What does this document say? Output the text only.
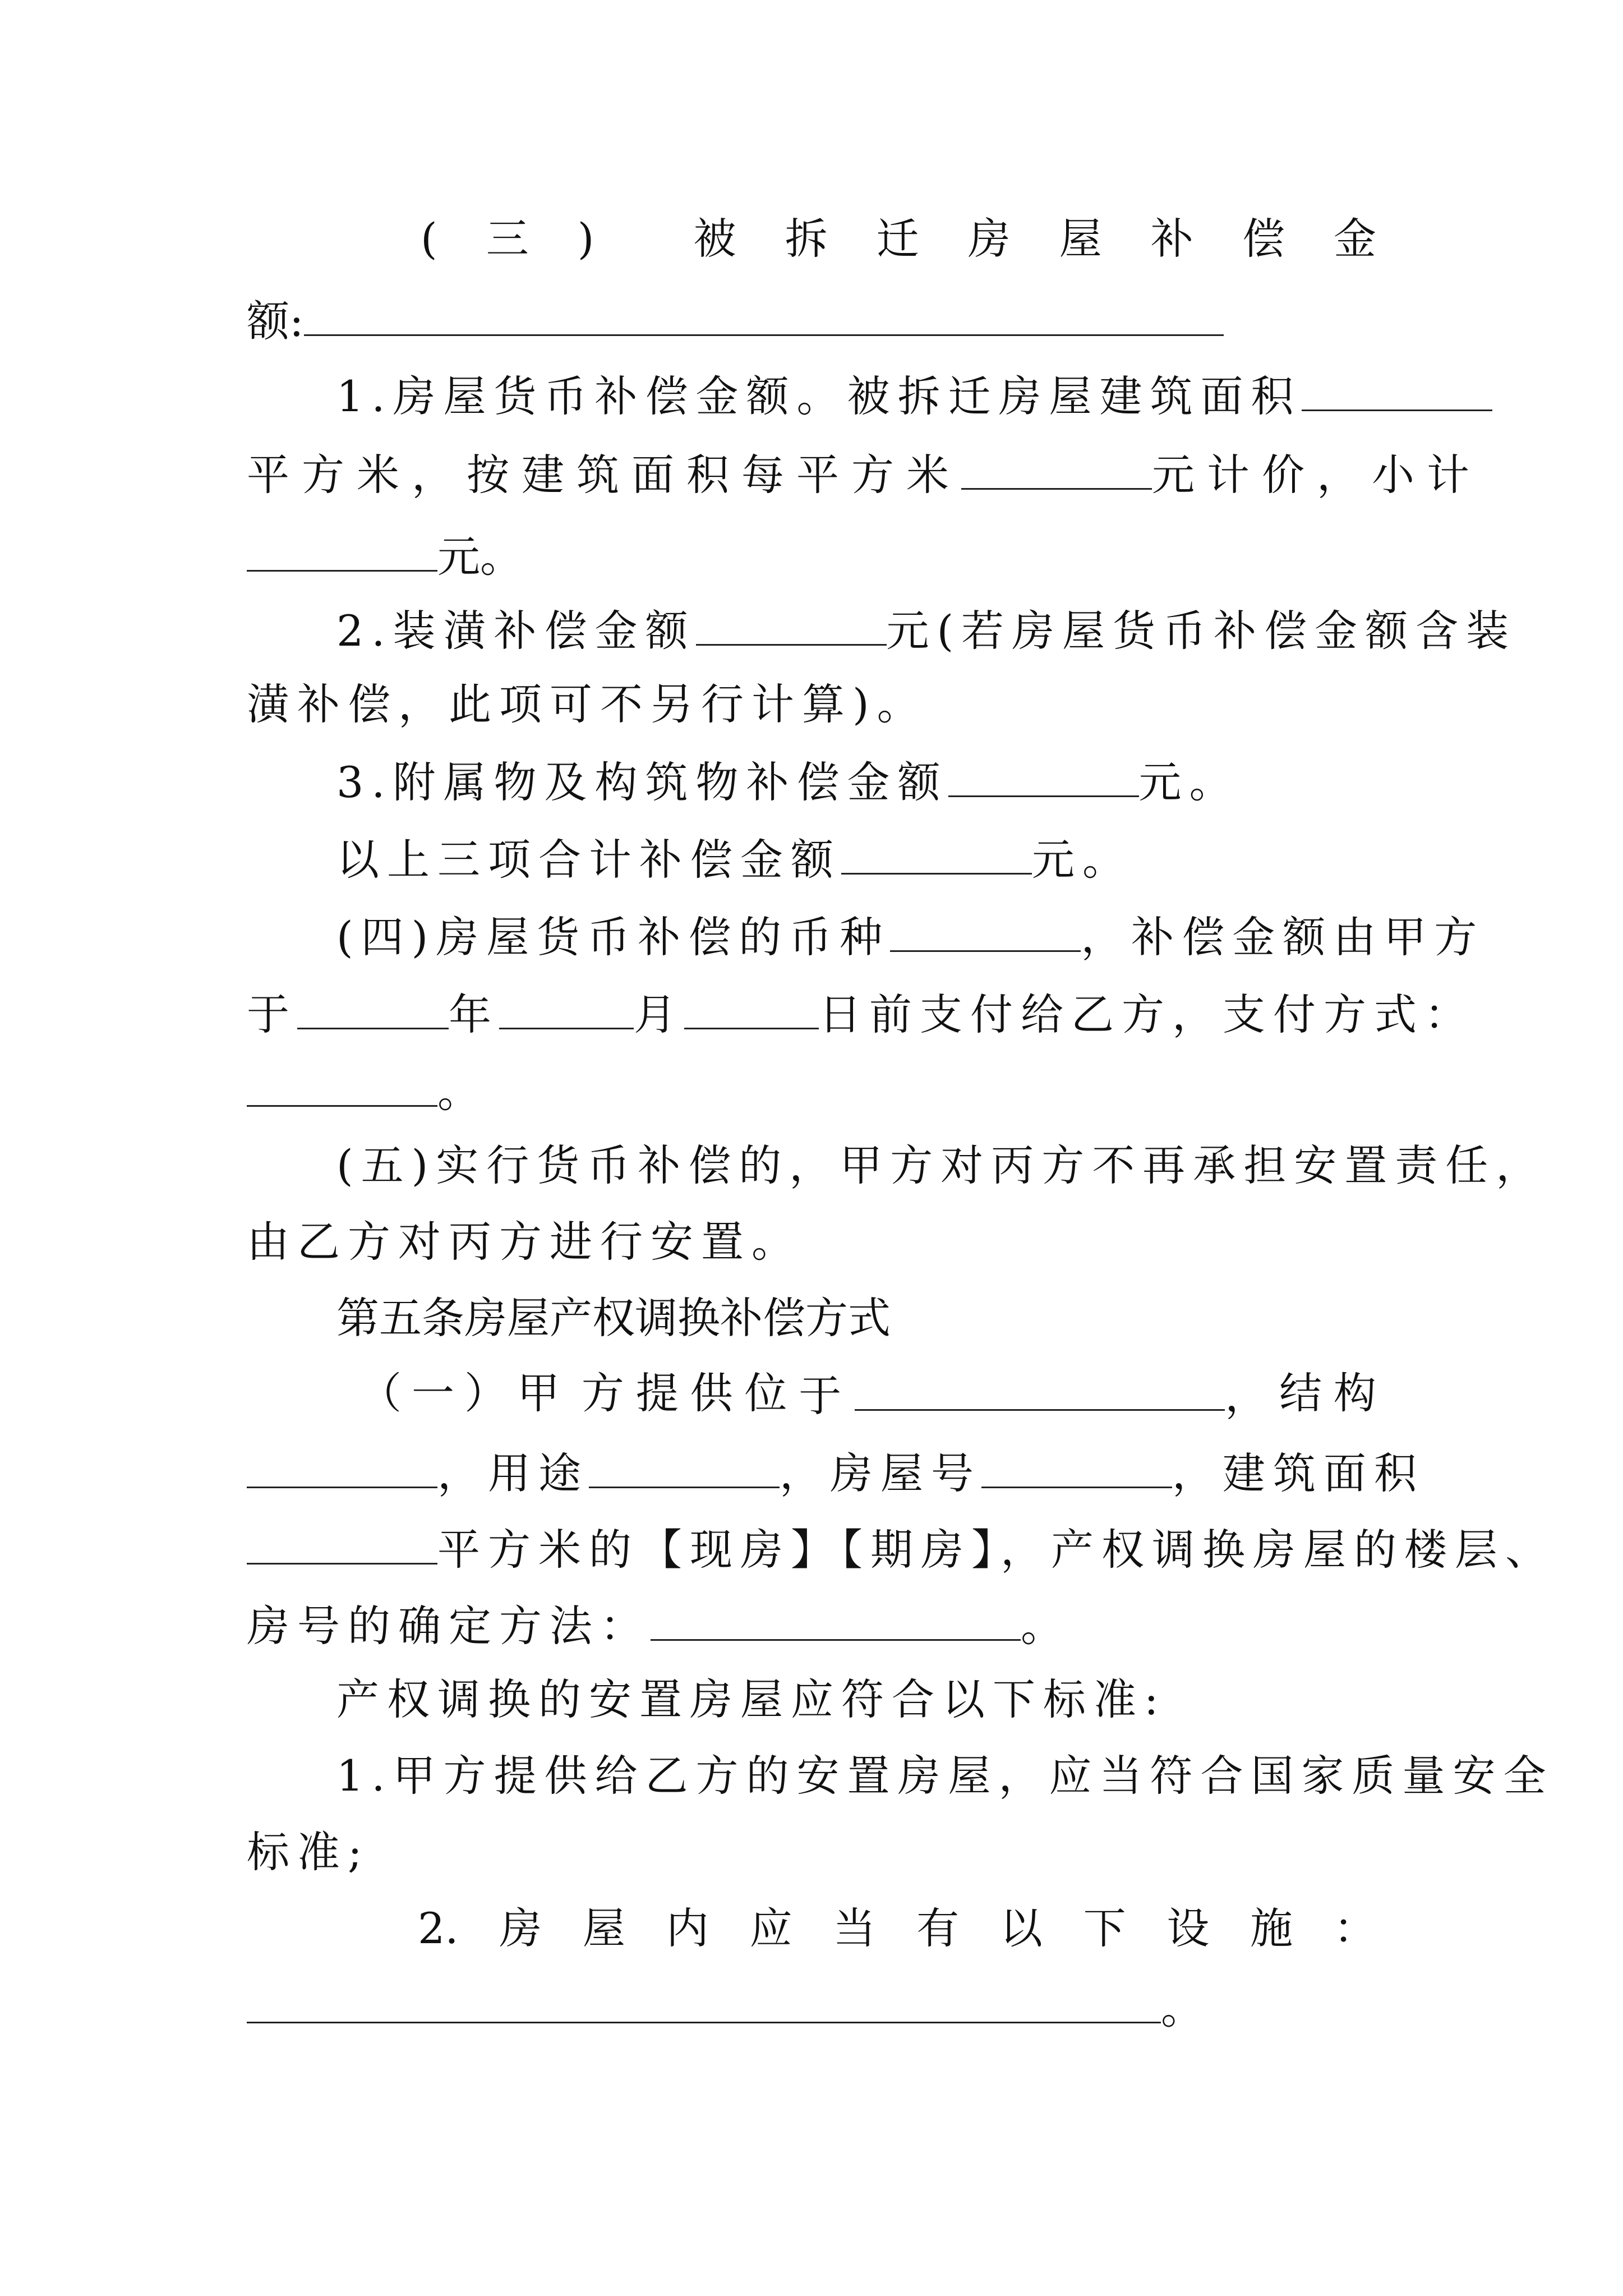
( 三 ) 被 拆 迁 房 屋 补 偿 金
额:
1.房屋货币补偿金额。被拆迁房屋建筑面积
平方米，按建筑面积每平方米	元计价，小计
元。
2.装潢补偿金额	元(若房屋货币补偿金额含装
潢补偿，此项可不另行计算)。
3.附属物及构筑物补偿金额	元。
以上三项合计补偿金额	元。
(四)房屋货币补偿的币种	，补偿金额由甲方
于	年	月	日前支付给乙方，支付方式：
。
(五)实行货币补偿的，甲方对丙方不再承担安置责任，
由乙方对丙方进行安置。
第五条房屋产权调换补偿方式
（一）甲 方 提 供 位 于	， 结 构
，用途	，房屋号	，建筑面积
平方米的【现房】【期房】，产权调换房屋的楼层、
房号的确定方法：	。
产权调换的安置房屋应符合以下标准:
1.甲方提供给乙方的安置房屋，应当符合国家质量安全
标准;
2. 房 屋 内 应 当 有 以 下 设 施 ：
。
